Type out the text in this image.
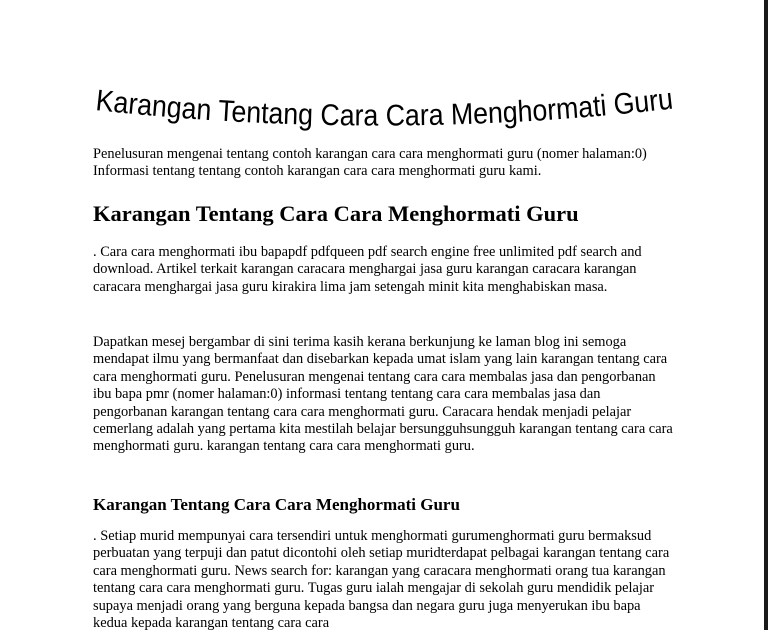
Karangan Tentang Cara Cara Menghormati Guru
Penelusuran mengenai tentang contoh karangan cara cara menghormati guru (nomer halaman:0) Informasi tentang tentang contoh karangan cara cara menghormati guru kami.
Karangan Tentang Cara Cara Menghormati Guru
. Cara cara menghormati ibu bapapdf pdfqueen pdf search engine free unlimited pdf search and download. Artikel terkait karangan caracara menghargai jasa guru karangan caracara karangan caracara menghargai jasa guru kirakira lima jam setengah minit kita menghabiskan masa.
Dapatkan mesej bergambar di sini terima kasih kerana berkunjung ke laman blog ini semoga mendapat ilmu yang bermanfaat dan disebarkan kepada umat islam yang lain karangan tentang cara cara menghormati guru. Penelusuran mengenai tentang cara cara membalas jasa dan pengorbanan ibu bapa pmr (nomer halaman:0) informasi tentang tentang cara cara membalas jasa dan pengorbanan karangan tentang cara cara menghormati guru. Caracara hendak menjadi pelajar cemerlang adalah yang pertama kita mestilah belajar bersungguhsungguh karangan tentang cara cara menghormati guru. karangan tentang cara cara menghormati guru.
Karangan Tentang Cara Cara Menghormati Guru
. Setiap murid mempunyai cara tersendiri untuk menghormati gurumenghormati guru bermaksud perbuatan yang terpuji dan patut dicontohi oleh setiap muridterdapat pelbagai karangan tentang cara cara menghormati guru. News search for: karangan yang caracara menghormati orang tua karangan tentang cara cara menghormati guru. Tugas guru ialah mengajar di sekolah guru mendidik pelajar supaya menjadi orang yang berguna kepada bangsa dan negara guru juga menyerukan ibu bapa kedua kepada karangan tentang cara cara
